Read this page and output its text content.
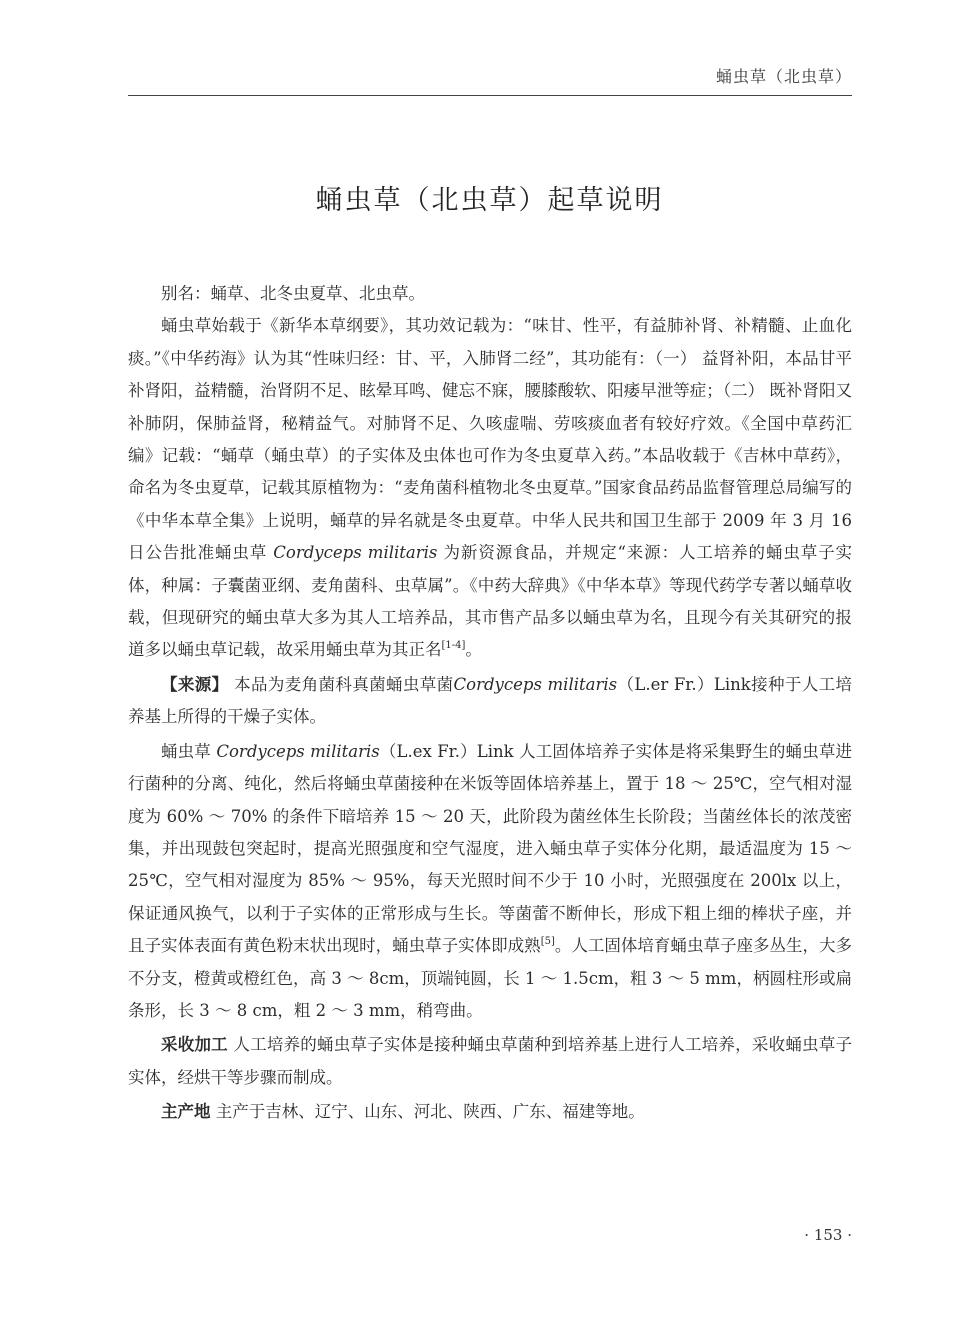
蛹虫草（北虫草）
蛹虫草（北虫草）起草说明

别名：蛹草、北冬虫夏草、北虫草。

蛹虫草始载于《新华本草纲要》，其功效记载为：“味甘、性平，有益肺补肾、补精髓、止血化痰。”《中华药海》认为其“性味归经：甘、平，入肺肾二经”，其功能有：（一） 益肾补阳，本品甘平补肾阳，益精髓，治肾阴不足、眩晕耳鸣、健忘不寐，腰膝酸软、阳痿早泄等症；（二） 既补肾阳又补肺阴，保肺益肾，秘精益气。对肺肾不足、久咳虚喘、劳咳痰血者有较好疗效。《全国中草药汇编》记载：“蛹草（蛹虫草）的子实体及虫体也可作为冬虫夏草入药。”本品收载于《吉林中草药》，命名为冬虫夏草，记载其原植物为：“麦角菌科植物北冬虫夏草。”国家食品药品监督管理总局编写的《中华本草全集》上说明，蛹草的异名就是冬虫夏草。中华人民共和国卫生部于 2009 年 3 月 16 日公告批准蛹虫草 Cordyceps militaris 为新资源食品，并规定“来源：人工培养的蛹虫草子实体，种属：子囊菌亚纲、麦角菌科、虫草属”。《中药大辞典》《中华本草》等现代药学专著以蛹草收载，但现研究的蛹虫草大多为其人工培养品，其市售产品多以蛹虫草为名，且现今有关其研究的报道多以蛹虫草记载，故采用蛹虫草为其正名[1-4]。

【来源】 本品为麦角菌科真菌蛹虫草菌Cordyceps militaris（L.er Fr.）Link接种于人工培养基上所得的干燥子实体。

蛹虫草 Cordyceps militaris（L.ex Fr.）Link 人工固体培养子实体是将采集野生的蛹虫草进行菌种的分离、纯化，然后将蛹虫草菌接种在米饭等固体培养基上，置于 18 ～ 25℃，空气相对湿度为 60% ～ 70% 的条件下暗培养 15 ～ 20 天，此阶段为菌丝体生长阶段；当菌丝体长的浓茂密集，并出现鼓包突起时，提高光照强度和空气湿度，进入蛹虫草子实体分化期，最适温度为 15 ～ 25℃，空气相对湿度为 85% ～ 95%，每天光照时间不少于 10 小时，光照强度在 200lx 以上，保证通风换气，以利于子实体的正常形成与生长。等菌蕾不断伸长，形成下粗上细的棒状子座，并且子实体表面有黄色粉末状出现时，蛹虫草子实体即成熟[5]。人工固体培育蛹虫草子座多丛生，大多不分支，橙黄或橙红色，高 3 ～ 8cm，顶端钝圆，长 1 ～ 1.5cm，粗 3 ～ 5 mm，柄圆柱形或扁条形，长 3 ～ 8 cm，粗 2 ～ 3 mm，稍弯曲。

采收加工 人工培养的蛹虫草子实体是接种蛹虫草菌种到培养基上进行人工培养，采收蛹虫草子实体，经烘干等步骤而制成。

主产地 主产于吉林、辽宁、山东、河北、陕西、广东、福建等地。

· 153 ·
